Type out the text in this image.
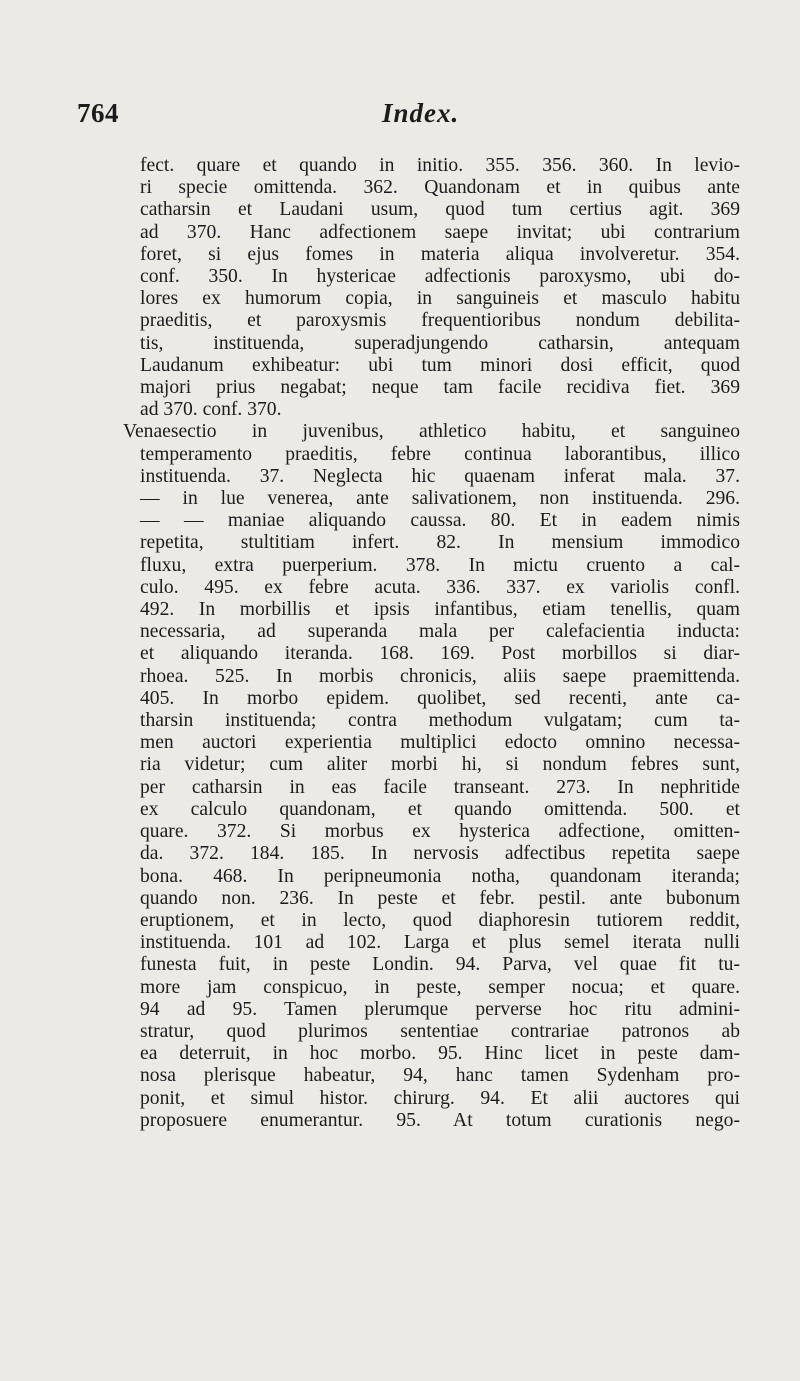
764	Index.
fect. quare et quando in initio. 355. 356. 360. In levio-
ri specie omittenda. 362. Quandonam et in quibus ante
catharsin et Laudani usum, quod tum certius agit. 369
ad 370. Hanc adfectionem saepe invitat; ubi contrarium
foret, si ejus fomes in materia aliqua involveretur. 354.
conf. 350. In hystericae adfectionis paroxysmo, ubi do-
lores ex humorum copia, in sanguineis et masculo habitu
praeditis, et paroxysmis frequentioribus nondum debilita-
tis, instituenda, superadjungendo catharsin, antequam
Laudanum exhibeatur: ubi tum minori dosi efficit, quod
majori prius negabat; neque tam facile recidiva fiet. 369
ad 370. conf. 370.
Venaesectio in juvenibus, athletico habitu, et sanguineo
temperamento praeditis, febre continua laborantibus, illico
instituenda. 37. Neglecta hic quaenam inferat mala. 37.
— in lue venerea, ante salivationem, non instituenda. 296.
— — maniae aliquando caussa. 80. Et in eadem nimis
repetita, stultitiam infert. 82. In mensium immodico
fluxu, extra puerperium. 378. In mictu cruento a cal-
culo. 495. ex febre acuta. 336. 337. ex variolis confl.
492. In morbillis et ipsis infantibus, etiam tenellis, quam
necessaria, ad superanda mala per calefacientia inducta:
et aliquando iteranda. 168. 169. Post morbillos si diar-
rhoea. 525. In morbis chronicis, aliis saepe praemittenda.
405. In morbo epidem. quolibet, sed recenti, ante ca-
tharsin instituenda; contra methodum vulgatam; cum ta-
men auctori experientia multiplici edocto omnino necessa-
ria videtur; cum aliter morbi hi, si nondum febres sunt,
per catharsin in eas facile transeant. 273. In nephritide
ex calculo quandonam, et quando omittenda. 500. et
quare. 372. Si morbus ex hysterica adfectione, omitten-
da. 372. 184. 185. In nervosis adfectibus repetita saepe
bona. 468. In peripneumonia notha, quandonam iteranda;
quando non. 236. In peste et febr. pestil. ante bubonum
eruptionem, et in lecto, quod diaphoresin tutiorem reddit,
instituenda. 101 ad 102. Larga et plus semel iterata nulli
funesta fuit, in peste Londin. 94. Parva, vel quae fit tu-
more jam conspicuo, in peste, semper nocua; et quare.
94 ad 95. Tamen plerumque perverse hoc ritu admini-
stratur, quod plurimos sententiae contrariae patronos ab
ea deterruit, in hoc morbo. 95. Hinc licet in peste dam-
nosa plerisque habeatur, 94, hanc tamen Sydenham pro-
ponit, et simul histor. chirurg. 94. Et alii auctores qui
proposuere enumerantur. 95. At totum curationis nego-
